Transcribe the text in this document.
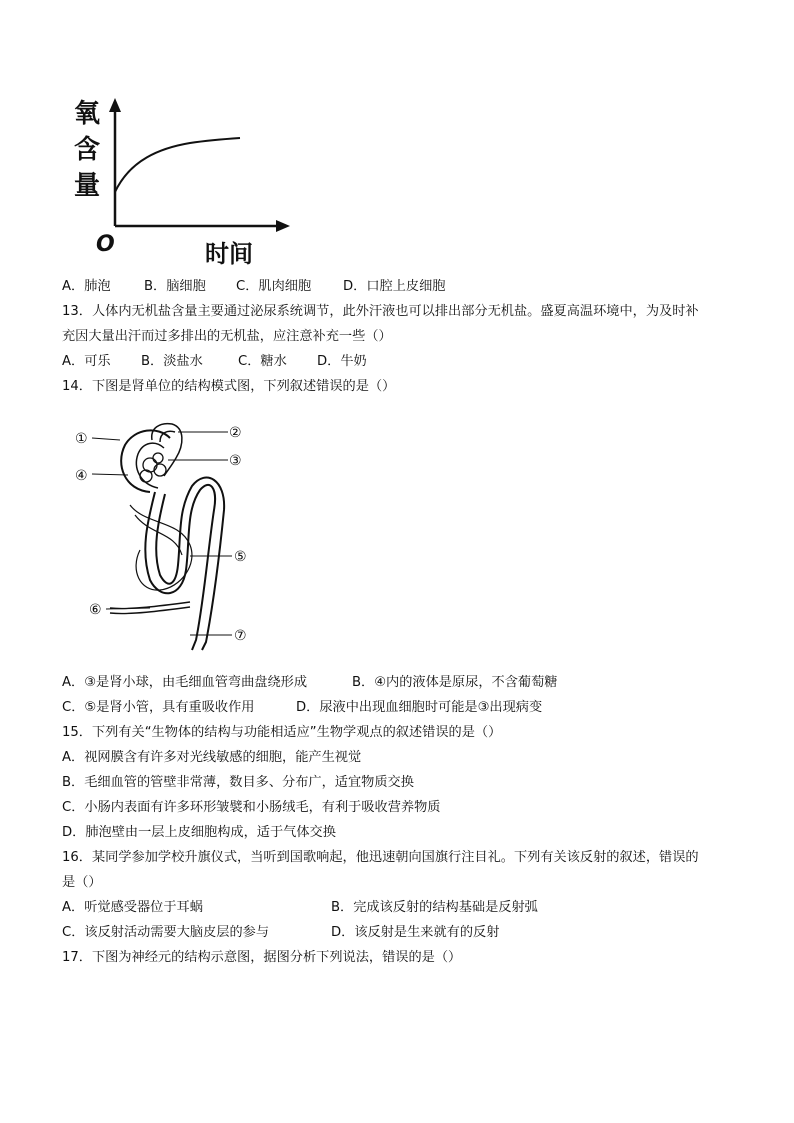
氧
含
量
O	时间
A．肺泡	B．脑细胞 C．肌肉细胞 D．口腔上皮细胞
13．人体内无机盐含量主要通过泌尿系统调节，此外汗液也可以排出部分无机盐。盛夏高温环境中，为及时补
充因大量出汗而过多排出的无机盐，应注意补充一些（）
A．可乐 B．淡盐水	C．糖水 D．牛奶
14．下图是肾单位的结构模式图，下列叙述错误的是（）
①	②
③
④
⑤
⑥
⑦
A．③是肾小球，由毛细血管弯曲盘绕形成	B．④内的液体是原尿，不含葡萄糖
C．⑤是肾小管，具有重吸收作用	D．尿液中出现血细胞时可能是③出现病变
15．下列有关“生物体的结构与功能相适应”生物学观点的叙述错误的是（）
A．视网膜含有许多对光线敏感的细胞，能产生视觉
B．毛细血管的管壁非常薄，数目多、分布广，适宜物质交换
C．小肠内表面有许多环形皱襞和小肠绒毛，有利于吸收营养物质
D．肺泡壁由一层上皮细胞构成，适于气体交换
16．某同学参加学校升旗仪式，当听到国歌响起，他迅速朝向国旗行注目礼。下列有关该反射的叙述，错误的
是（）
A．听觉感受器位于耳蜗	B．完成该反射的结构基础是反射弧
C．该反射活动需要大脑皮层的参与	D．该反射是生来就有的反射
17．下图为神经元的结构示意图，据图分析下列说法，错误的是（）
